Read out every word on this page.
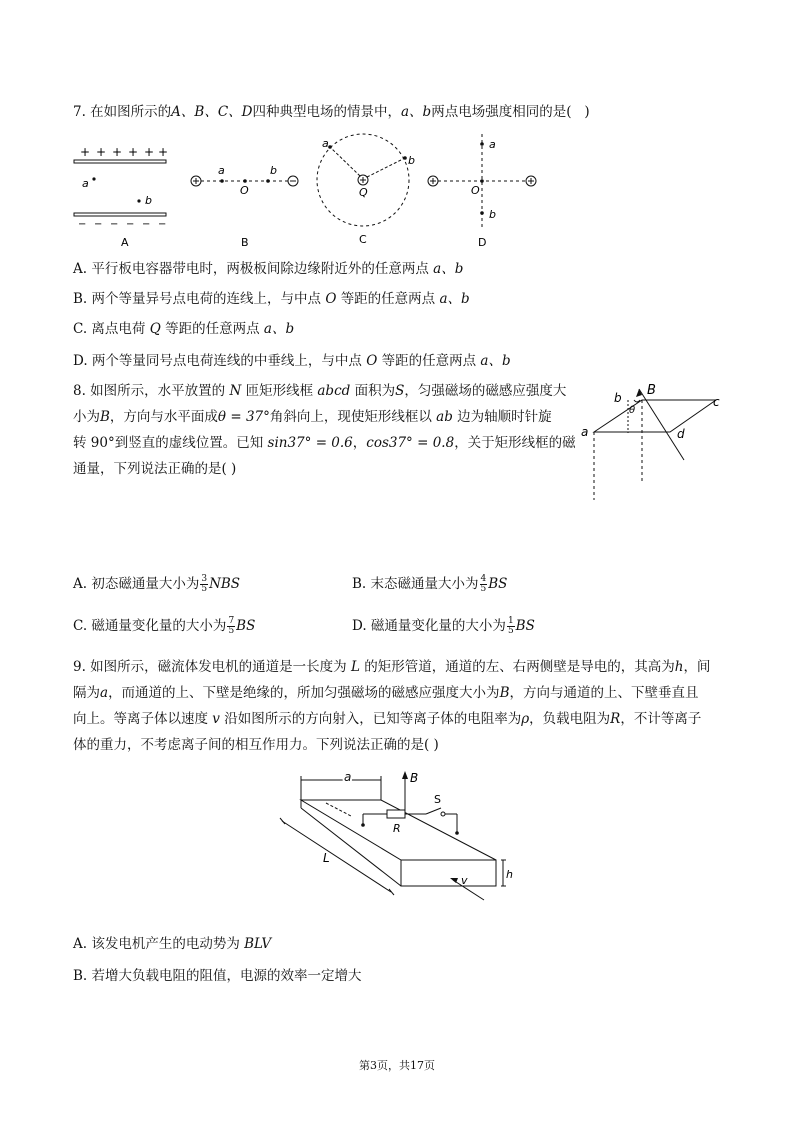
7. 在如图所示的A、B、C、D四种典型电场的情景中，a、b两点电场强度相同的是( )
+ + + + + +
a
b
− − − − − −
A
a	b
O
B
a
b
Q
C
a
b
O
D
A. 平行板电容器带电时，两极板间除边缘附近外的任意两点 a、b
B. 两个等量异号点电荷的连线上，与中点 O 等距的任意两点 a、b
C. 离点电荷 Q 等距的任意两点 a、b
D. 两个等量同号点电荷连线的中垂线上，与中点 O 等距的任意两点 a、b
8. 如图所示，水平放置的 N 匝矩形线框 abcd 面积为S，匀强磁场的磁感应强度大
小为B，方向与水平面成θ = 37°角斜向上，现使矩形线框以 ab 边为轴顺时针旋
转 90°到竖直的虚线位置。已知 sin37° = 0.6，cos37° = 0.8，关于矩形线框的磁
通量，下列说法正确的是( )
a
b	c
d
B
θ
A. 初态磁通量大小为 $\frac{3}{5}$ NBS	B. 末态磁通量大小为 $\frac{4}{5}$ BS
C. 磁通量变化量的大小为 $\frac{7}{5}$ BS	D. 磁通量变化量的大小为 $\frac{1}{5}$ BS
9. 如图所示，磁流体发电机的通道是一长度为 L 的矩形管道，通道的左、右两侧壁是导电的，其高为h，间
隔为a，而通道的上、下壁是绝缘的，所加匀强磁场的磁感应强度大小为B，方向与通道的上、下壁垂直且
向上。等离子体以速度 v 沿如图所示的方向射入，已知等离子体的电阻率为ρ，负载电阻为R，不计等离子
体的重力，不考虑离子间的相互作用力。下列说法正确的是( )
a	B
R
S
L
h
v
A. 该发电机产生的电动势为 BLV
B. 若增大负载电阻的阻值，电源的效率一定增大
第3页，共17页
